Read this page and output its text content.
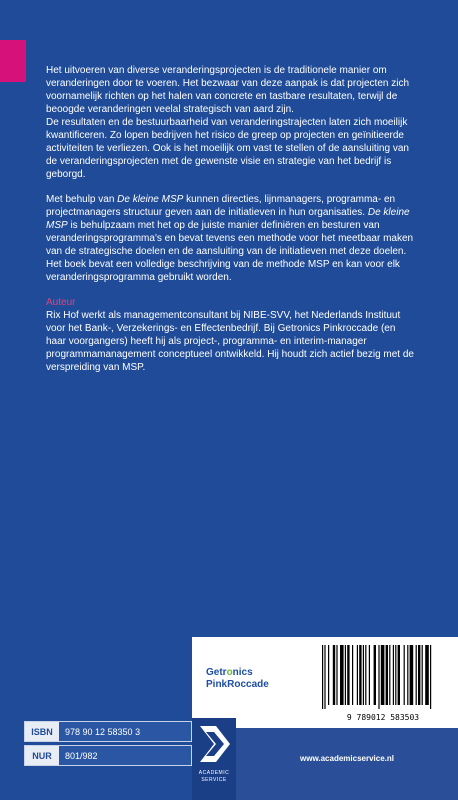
Het uitvoeren van diverse veranderingsprojecten is de traditionele manier om veranderingen door te voeren. Het bezwaar van deze aanpak is dat projecten zich voornamelijk richten op het halen van concrete en tastbare resultaten, terwijl de beoogde veranderingen veelal strategisch van aard zijn.

De resultaten en de bestuurbaarheid van veranderingstrajecten laten zich moeilijk kwantificeren. Zo lopen bedrijven het risico de greep op projecten en geïnitieerde activiteiten te verliezen. Ook is het moeilijk om vast te stellen of de aansluiting van de veranderingsprojecten met de gewenste visie en strategie van het bedrijf is geborgd.

Met behulp van De kleine MSP kunnen directies, lijnmanagers, programma- en projectmanagers structuur geven aan de initiatieven in hun organisaties. De kleine MSP is behulpzaam met het op de juiste manier definiëren en besturen van veranderingsprogramma's en bevat tevens een methode voor het meetbaar maken van de strategische doelen en de aansluiting van de initiatieven met deze doelen.

Het boek bevat een volledige beschrijving van de methode MSP en kan voor elk veranderingsprogramma gebruikt worden.

Auteur

Rix Hof werkt als managementconsultant bij NIBE-SVV, het Nederlands Instituut voor het Bank-, Verzekerings- en Effectenbedrijf. Bij Getronics Pinkroccade (en haar voorgangers) heeft hij als project-, programma- en interim-manager programmamanagement conceptueel ontwikkeld. Hij houdt zich actief bezig met de verspreiding van MSP.

Getronics
PinkRoccade
9 789012 583503
ISBN	978 90 12 58350 3
NUR	801/982
ACADEMIC
SERVICE
www.academicservice.nl
